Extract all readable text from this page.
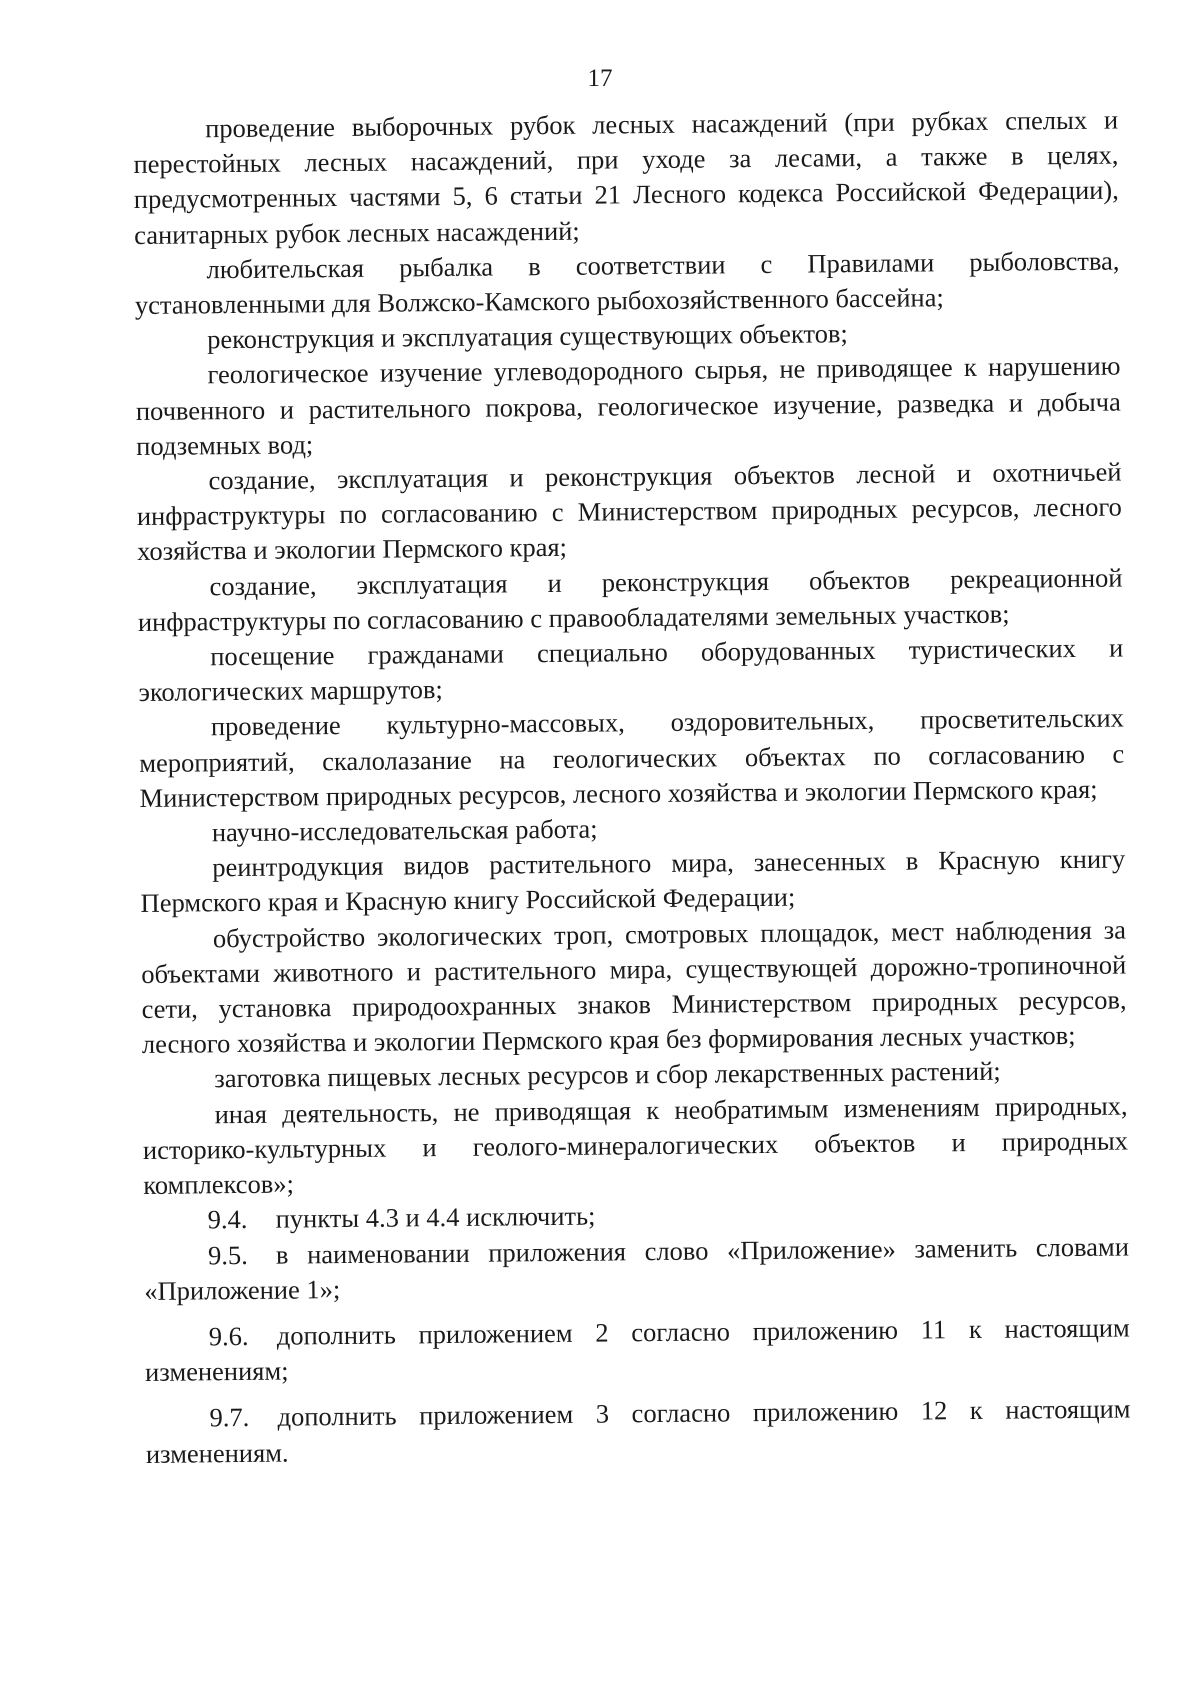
17

проведение выборочных рубок лесных насаждений (при рубках спелых и перестойных лесных насаждений, при уходе за лесами, а также в целях, предусмотренных частями 5, 6 статьи 21 Лесного кодекса Российской Федерации), санитарных рубок лесных насаждений;

любительская рыбалка в соответствии с Правилами рыболовства, установленными для Волжско-Камского рыбохозяйственного бассейна;

реконструкция и эксплуатация существующих объектов;

геологическое изучение углеводородного сырья, не приводящее к нарушению почвенного и растительного покрова, геологическое изучение, разведка и добыча подземных вод;

создание, эксплуатация и реконструкция объектов лесной и охотничьей инфраструктуры по согласованию с Министерством природных ресурсов, лесного хозяйства и экологии Пермского края;

создание, эксплуатация и реконструкция объектов рекреационной инфраструктуры по согласованию с правообладателями земельных участков;

посещение гражданами специально оборудованных туристических и экологических маршрутов;

проведение культурно-массовых, оздоровительных, просветительских мероприятий, скалолазание на геологических объектах по согласованию с Министерством природных ресурсов, лесного хозяйства и экологии Пермского края;

научно-исследовательская работа;

реинтродукция видов растительного мира, занесенных в Красную книгу Пермского края и Красную книгу Российской Федерации;

обустройство экологических троп, смотровых площадок, мест наблюдения за объектами животного и растительного мира, существующей дорожно-тропиночной сети, установка природоохранных знаков Министерством природных ресурсов, лесного хозяйства и экологии Пермского края без формирования лесных участков;

заготовка пищевых лесных ресурсов и сбор лекарственных растений;

иная деятельность, не приводящая к необратимым изменениям природных, историко-культурных и геолого-минералогических объектов и природных комплексов»;

9.4. пункты 4.3 и 4.4 исключить;

9.5. в наименовании приложения слово «Приложение» заменить словами «Приложение 1»;

9.6. дополнить приложением 2 согласно приложению 11 к настоящим изменениям;

9.7. дополнить приложением 3 согласно приложению 12 к настоящим изменениям.
